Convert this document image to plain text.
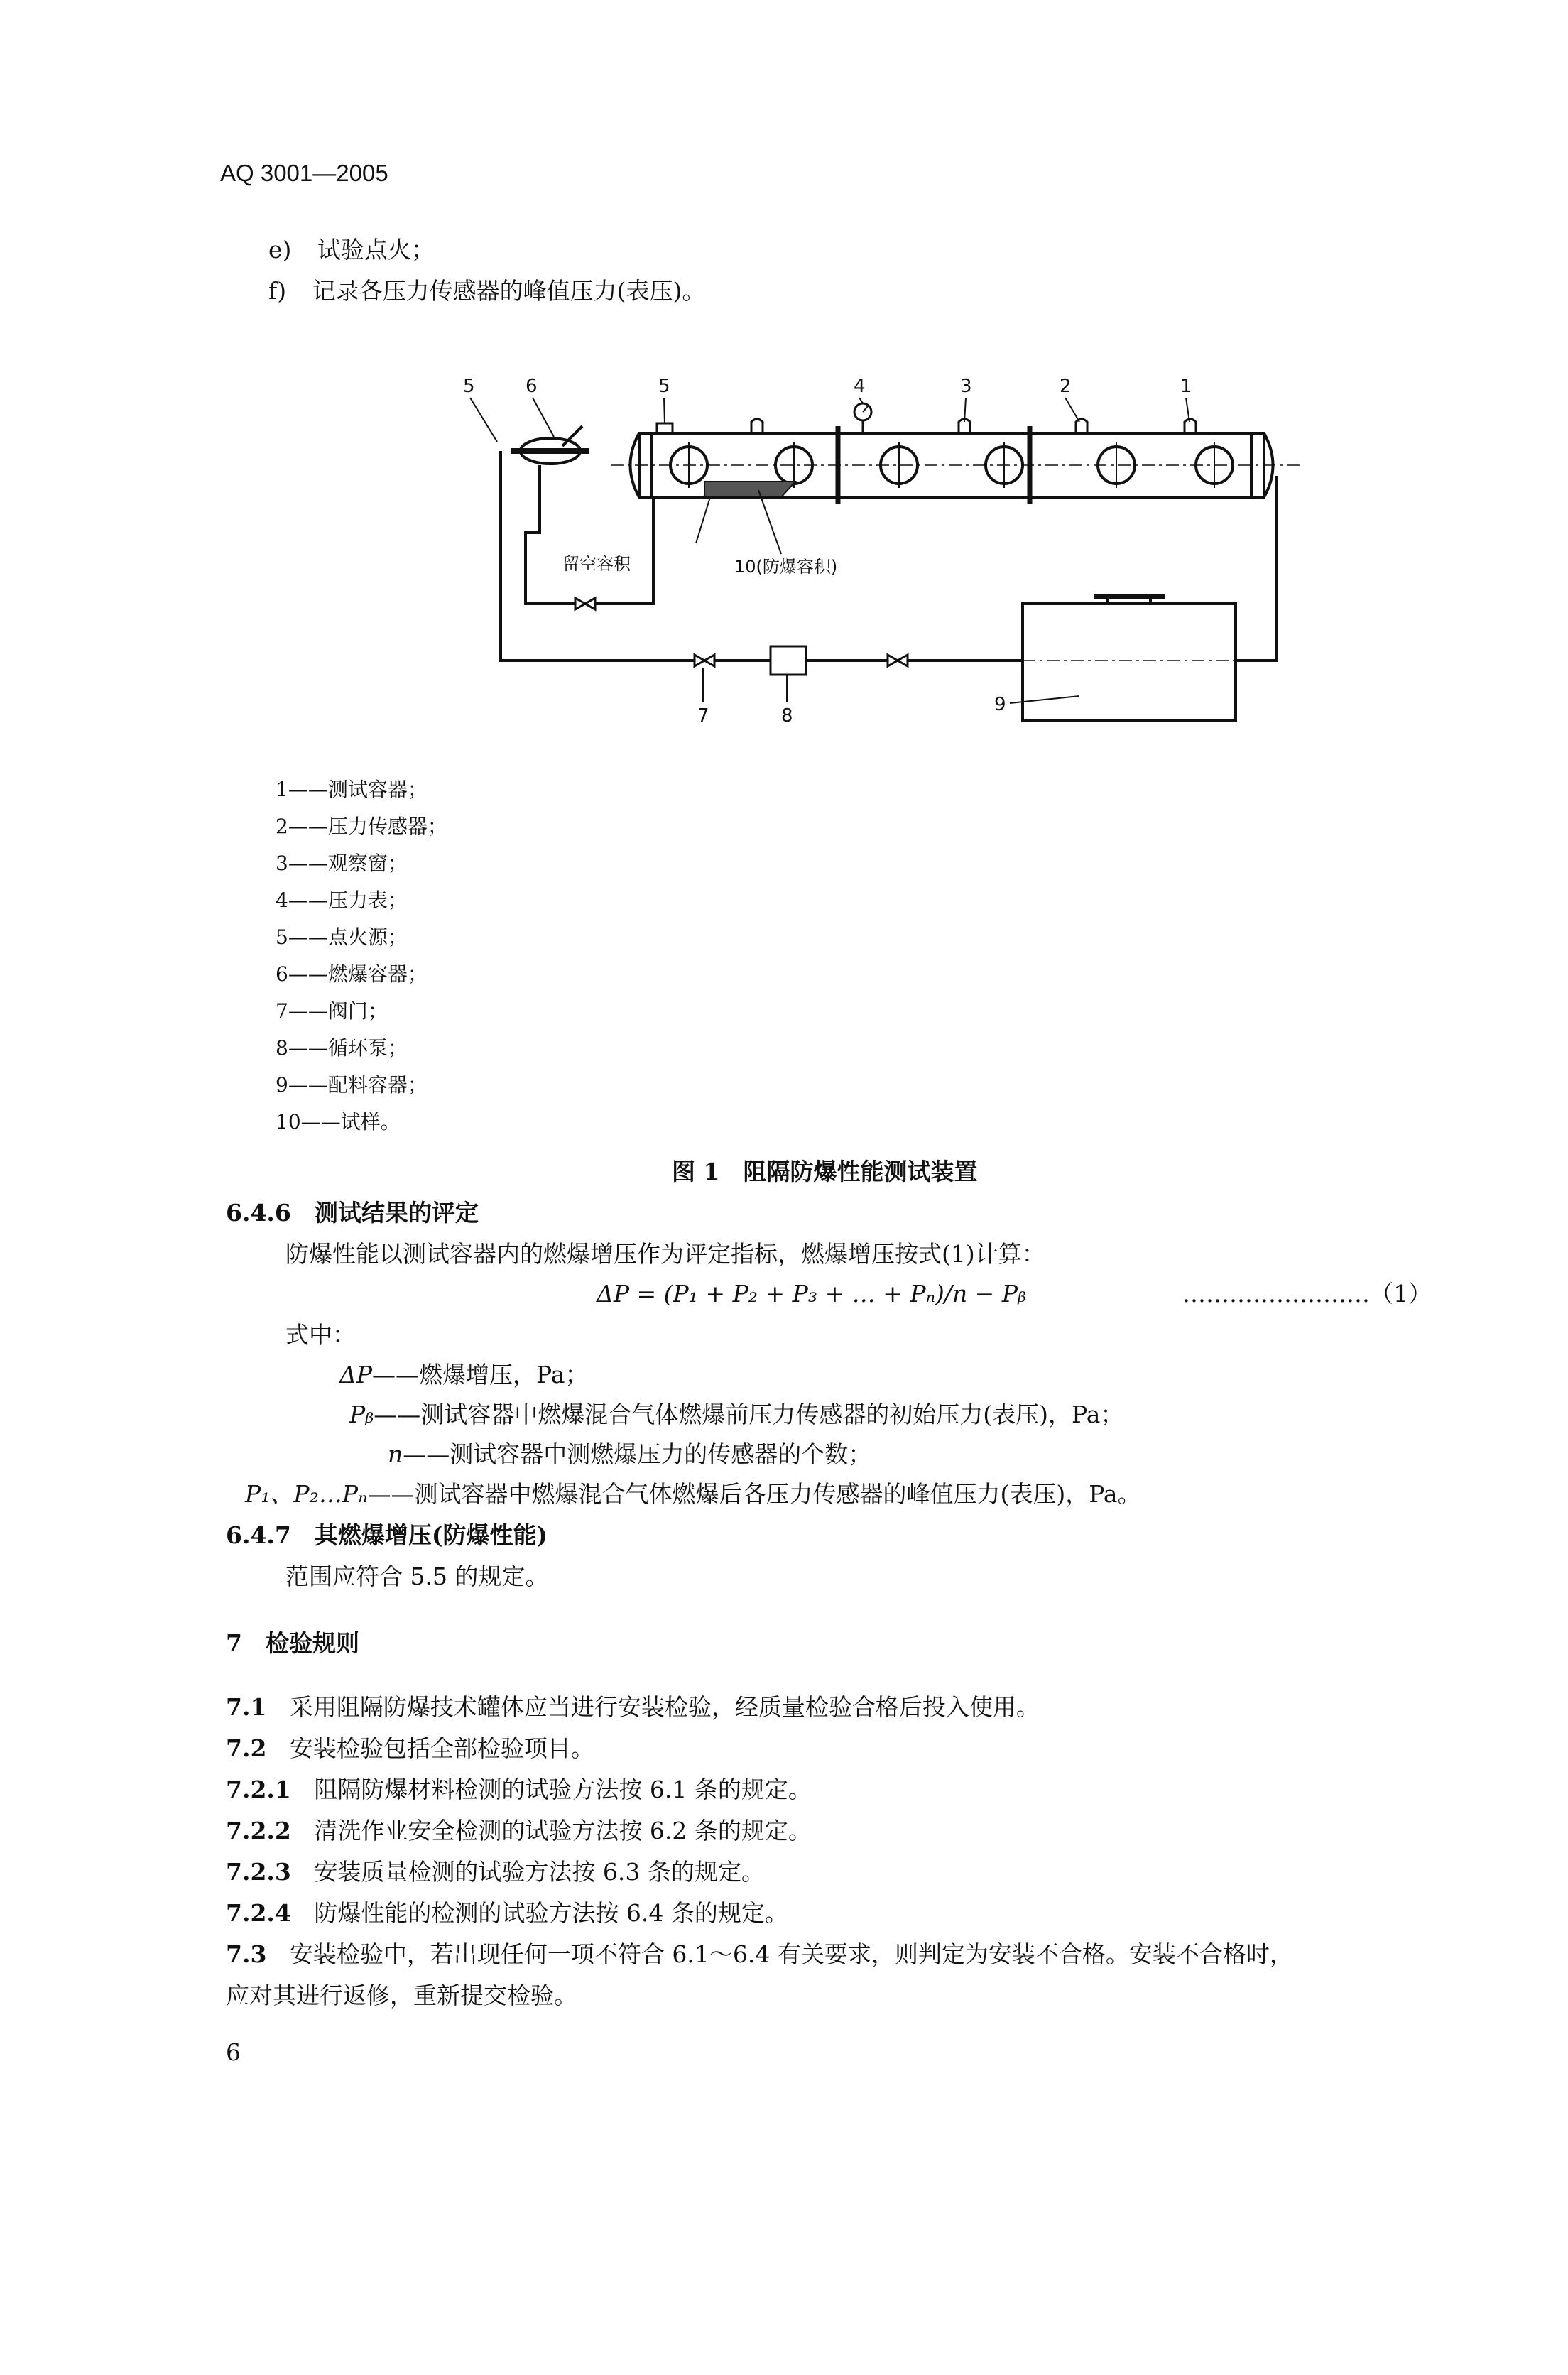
AQ 3001—2005
e) 试验点火；
f) 记录各压力传感器的峰值压力(表压)。
5	6	5	4	3	2	1
7	8
9
留空容积	10(防爆容积)
1——测试容器；
2——压力传感器；
3——观察窗；
4——压力表；
5——点火源；
6——燃爆容器；
7——阀门；
8——循环泵；
9——配料容器；
10——试样。
图 1　阻隔防爆性能测试装置
6.4.6　测试结果的评定
防爆性能以测试容器内的燃爆增压作为评定指标，燃爆增压按式(1)计算：
ΔP = (P₁ + P₂ + P₃ + … + Pₙ)/n − Pᵦ	……………………（1）
式中：
ΔP——燃爆增压，Pa；
Pᵦ——测试容器中燃爆混合气体燃爆前压力传感器的初始压力(表压)，Pa；
n——测试容器中测燃爆压力的传感器的个数；
P₁、P₂…Pₙ——测试容器中燃爆混合气体燃爆后各压力传感器的峰值压力(表压)，Pa。
6.4.7　其燃爆增压(防爆性能)
范围应符合 5.5 的规定。
7　检验规则
7.1 采用阻隔防爆技术罐体应当进行安装检验，经质量检验合格后投入使用。
7.2 安装检验包括全部检验项目。
7.2.1 阻隔防爆材料检测的试验方法按 6.1 条的规定。
7.2.2 清洗作业安全检测的试验方法按 6.2 条的规定。
7.2.3 安装质量检测的试验方法按 6.3 条的规定。
7.2.4 防爆性能的检测的试验方法按 6.4 条的规定。
7.3 安装检验中，若出现任何一项不符合 6.1～6.4 有关要求，则判定为安装不合格。安装不合格时，
应对其进行返修，重新提交检验。
6
